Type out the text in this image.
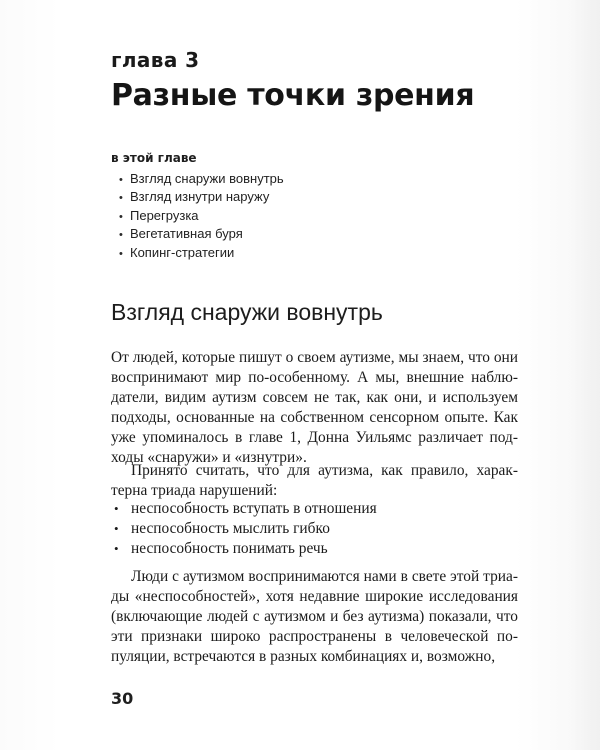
глава 3
Разные точки зрения
в этой главе
• Взгляд снаружи вовнутрь
• Взгляд изнутри наружу
• Перегрузка
• Вегетативная буря
• Копинг-стратегии
Взгляд снаружи вовнутрь

От людей, которые пишут о своем аутизме, мы знаем, что они воспринимают мир по-особенному. А мы, внешние наблюдатели, видим аутизм совсем не так, как они, и используем подходы, основанные на собственном сенсорном опыте. Как уже упоминалось в главе 1, Донна Уильямс различает подходы «снаружи» и «изнутри».

Принято считать, что для аутизма, как правило, характерна триада нарушений:

• неспособность вступать в отношения
• неспособность мыслить гибко
• неспособность понимать речь

Люди с аутизмом воспринимаются нами в свете этой триады «неспособностей», хотя недавние широкие исследования (включающие людей с аутизмом и без аутизма) показали, что эти признаки широко распространены в человеческой популяции, встречаются в разных комбинациях и, возможно,

30
